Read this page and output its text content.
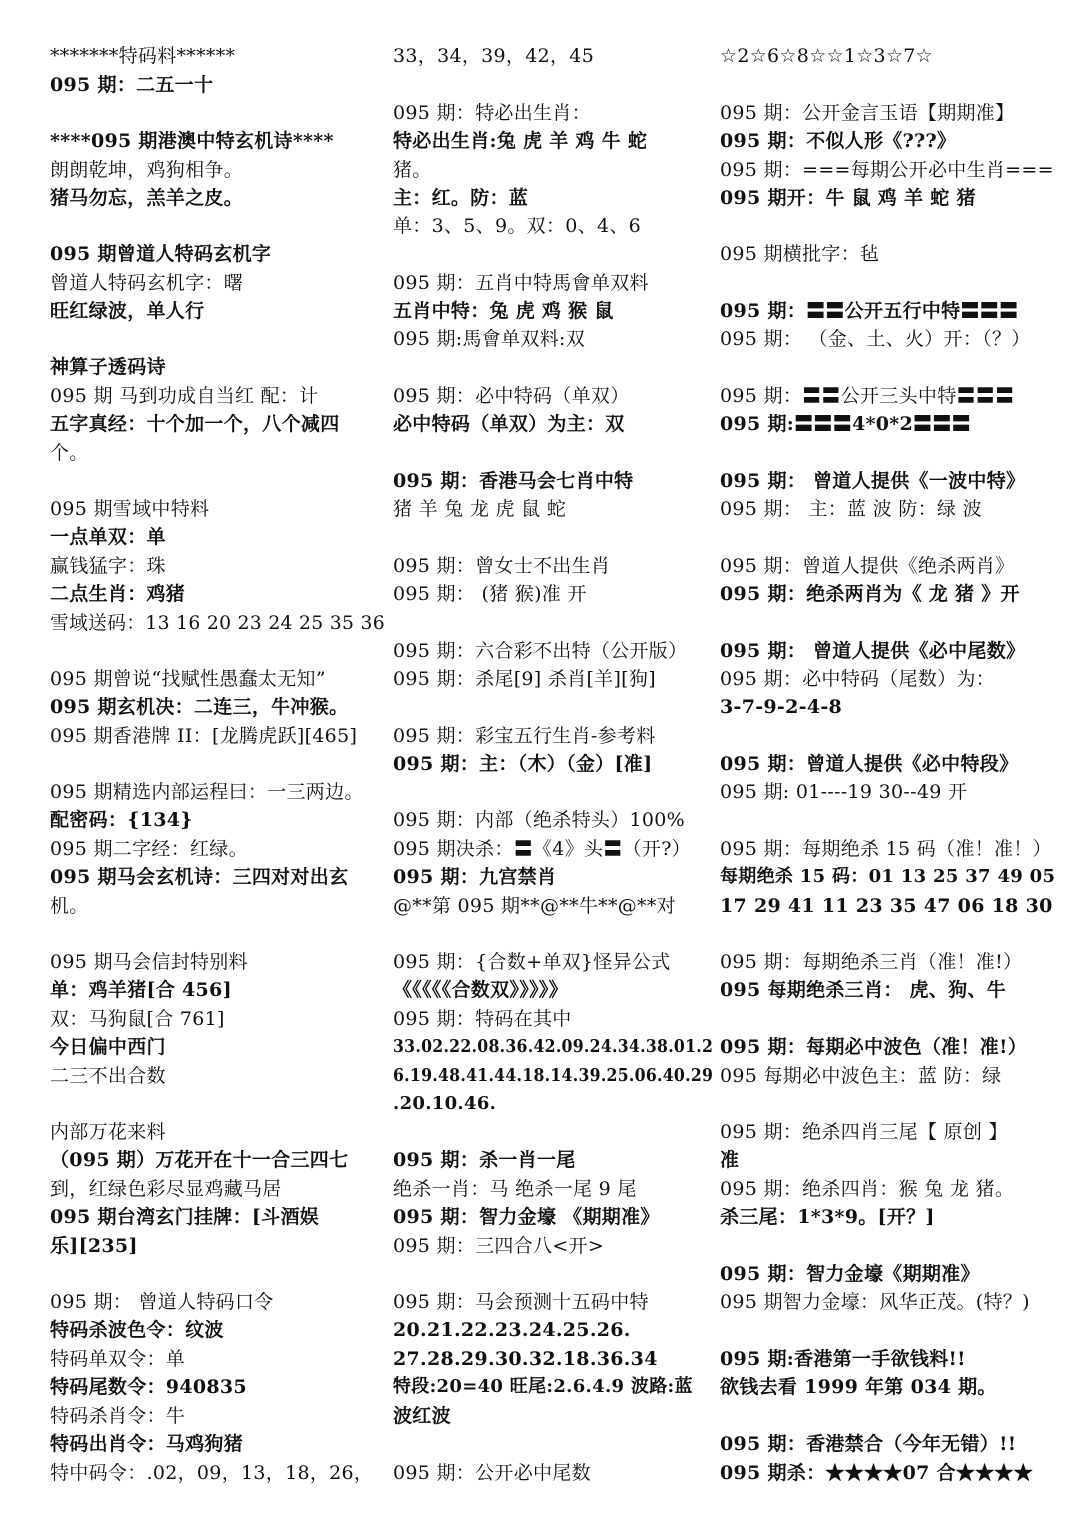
*******特码料******
095 期：二五一十
****095 期港澳中特玄机诗****
朗朗乾坤，鸡狗相争。
猪马勿忘，羔羊之皮。
095 期曾道人特码玄机字
曾道人特码玄机字：曙
旺红绿波，单人行
神算子透码诗
095 期 马到功成自当红 配：计
五字真经：十个加一个，八个减四
个。
095 期雪域中特料
一点单双：单
赢钱猛字：珠
二点生肖：鸡猪
雪域送码：13 16 20 23 24 25 35 36
095 期曾说“找赋性愚蠢太无知”
095 期玄机决：二连三，牛冲猴。
095 期香港牌 II：[龙腾虎跃][465]
095 期精选内部运程曰：一三两边。
配密码：{134}
095 期二字经：红绿。
095 期马会玄机诗：三四对对出玄
机。
095 期马会信封特别料
单：鸡羊猪[合 456]
双：马狗鼠[合 761]
今日偏中西门
二三不出合数
内部万花来料
（095 期）万花开在十一合三四七
到，红绿色彩尽显鸡藏马居
095 期台湾玄门挂牌：[斗酒娱
乐][235]
095 期： 曾道人特码口令
特码杀波色令：纹波
特码单双令：单
特码尾数令：940835
特码杀肖令：牛
特码出肖令：马鸡狗猪
特中码令：.02，09，13，18，26，
33，34，39，42，45
095 期：特必出生肖：
特必出生肖:兔 虎 羊 鸡 牛 蛇
猪。
主：红。防：蓝
单：3、5、9。双：0、4、6
095 期：五肖中特馬會单双料
五肖中特：兔 虎 鸡 猴 鼠
095 期:馬會单双料:双
095 期：必中特码（单双）
必中特码（单双）为主：双
095 期：香港马会七肖中特
猪 羊 兔 龙 虎 鼠 蛇
095 期：曾女士不出生肖
095 期： (猪 猴)准 开
095 期：六合彩不出特（公开版）
095 期：杀尾[9] 杀肖[羊][狗]
095 期：彩宝五行生肖-参考料
095 期：主：（木）（金）[准]
095 期：内部（绝杀特头）100%
095 期决杀：〓《4》头〓（开?）
095 期：九宫禁肖
@**第 095 期**@**牛**@**对
095 期：{合数+单双}怪异公式
《《《《《合数双》》》》》
095 期：特码在其中
33.02.22.08.36.42.09.24.34.38.01.2
6.19.48.41.44.18.14.39.25.06.40.29
.20.10.46.
095 期：杀一肖一尾
绝杀一肖：马 绝杀一尾 9 尾
095 期：智力金壕 《期期准》
095 期：三四合八<开>
095 期：马会预测十五码中特
20.21.22.23.24.25.26.
27.28.29.30.32.18.36.34
特段:20=40 旺尾:2.6.4.9 波路:蓝
波红波
095 期：公开必中尾数
☆2☆6☆8☆☆1☆3☆7☆
095 期：公开金言玉语【期期准】
095 期：不似人形《???》
095 期：===每期公开必中生肖===
095 期开：牛 鼠 鸡 羊 蛇 猪
095 期横批字：毡
095 期：〓〓公开五行中特〓〓〓
095 期： （金、土、火）开：（？）
095 期：〓〓公开三头中特〓〓〓
095 期:〓〓〓4*0*2〓〓〓
095 期： 曾道人提供《一波中特》
095 期： 主：蓝 波 防：绿 波
095 期：曾道人提供《绝杀两肖》
095 期：绝杀两肖为《 龙 猪 》开
095 期： 曾道人提供《必中尾数》
095 期：必中特码（尾数）为：
3-7-9-2-4-8
095 期：曾道人提供《必中特段》
095 期: 01----19 30--49 开
095 期：每期绝杀 15 码（准！准！）
每期绝杀 15 码：01 13 25 37 49 05
17 29 41 11 23 35 47 06 18 30
095 期：每期绝杀三肖（准！准!）
095 每期绝杀三肖： 虎、狗、牛
095 期：每期必中波色（准！准!）
095 每期必中波色主：蓝 防：绿
095 期：绝杀四肖三尾【 原创 】
准
095 期：绝杀四肖：猴 兔 龙 猪。
杀三尾：1*3*9。[开？]
095 期：智力金壕《期期准》
095 期智力金壕：风华正茂。(特？)
095 期:香港第一手欲钱料!!
欲钱去看 1999 年第 034 期。
095 期：香港禁合（今年无错）!!
095 期杀：★★★★07 合★★★★
